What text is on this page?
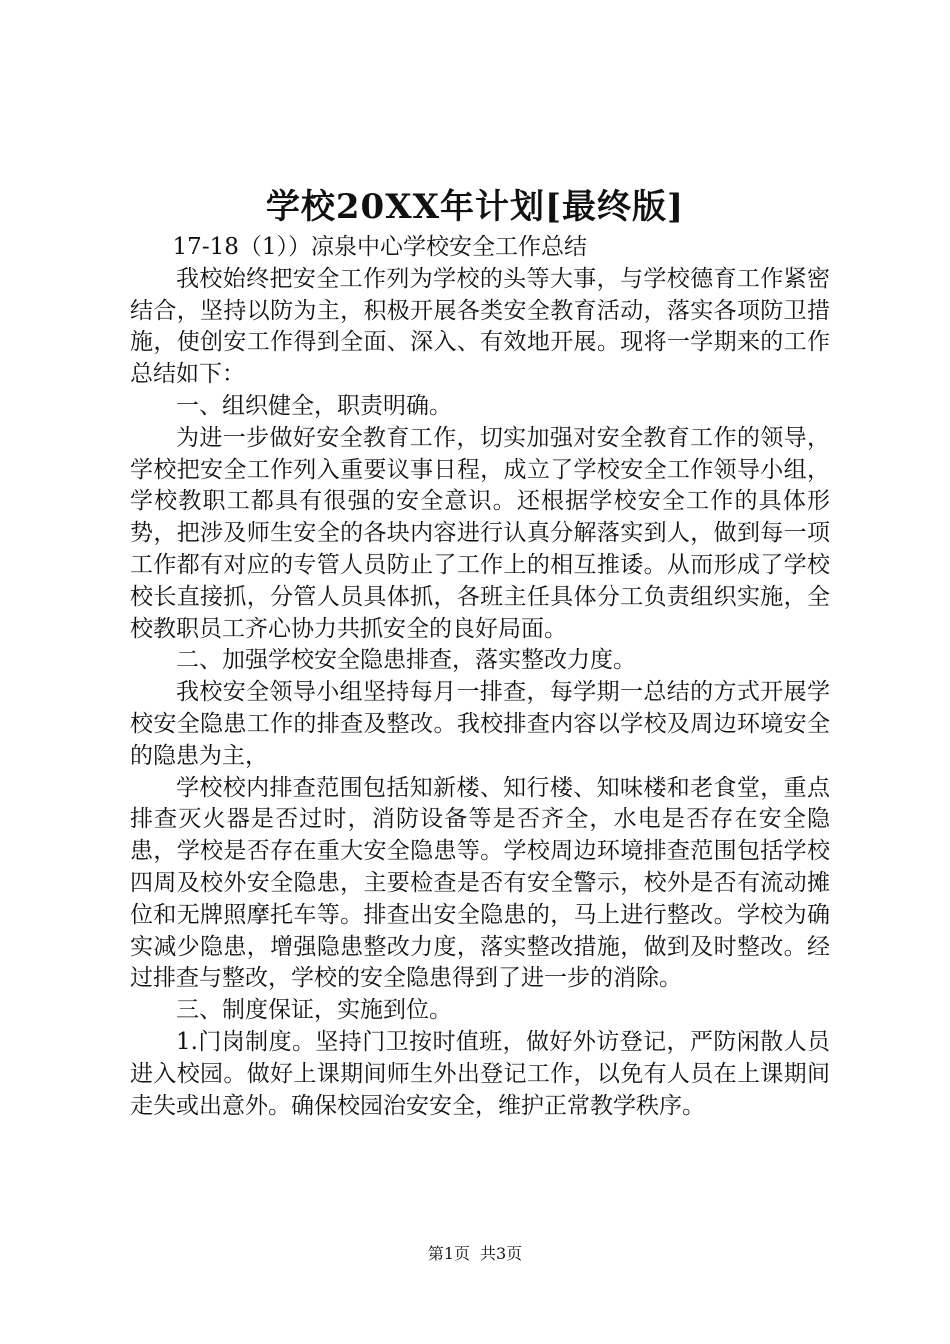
学校20XX年计划[最终版]

17-18（1））凉泉中心学校安全工作总结

我校始终把安全工作列为学校的头等大事，与学校德育工作紧密结合，坚持以防为主，积极开展各类安全教育活动，落实各项防卫措施，使创安工作得到全面、深入、有效地开展。现将一学期来的工作总结如下：

一、组织健全，职责明确。

为进一步做好安全教育工作，切实加强对安全教育工作的领导，学校把安全工作列入重要议事日程，成立了学校安全工作领导小组，学校教职工都具有很强的安全意识。还根据学校安全工作的具体形势，把涉及师生安全的各块内容进行认真分解落实到人，做到每一项工作都有对应的专管人员防止了工作上的相互推诿。从而形成了学校校长直接抓，分管人员具体抓，各班主任具体分工负责组织实施，全校教职员工齐心协力共抓安全的良好局面。

二、加强学校安全隐患排查，落实整改力度。

我校安全领导小组坚持每月一排查，每学期一总结的方式开展学校安全隐患工作的排查及整改。我校排查内容以学校及周边环境安全的隐患为主，

学校校内排查范围包括知新楼、知行楼、知味楼和老食堂，重点排查灭火器是否过时，消防设备等是否齐全，水电是否存在安全隐患，学校是否存在重大安全隐患等。学校周边环境排查范围包括学校四周及校外安全隐患，主要检查是否有安全警示，校外是否有流动摊位和无牌照摩托车等。排查出安全隐患的，马上进行整改。学校为确实减少隐患，增强隐患整改力度，落实整改措施，做到及时整改。经过排查与整改，学校的安全隐患得到了进一步的消除。

三、制度保证，实施到位。

1.门岗制度。坚持门卫按时值班，做好外访登记，严防闲散人员进入校园。做好上课期间师生外出登记工作，以免有人员在上课期间走失或出意外。确保校园治安安全，维护正常教学秩序。

第1页 共3页
